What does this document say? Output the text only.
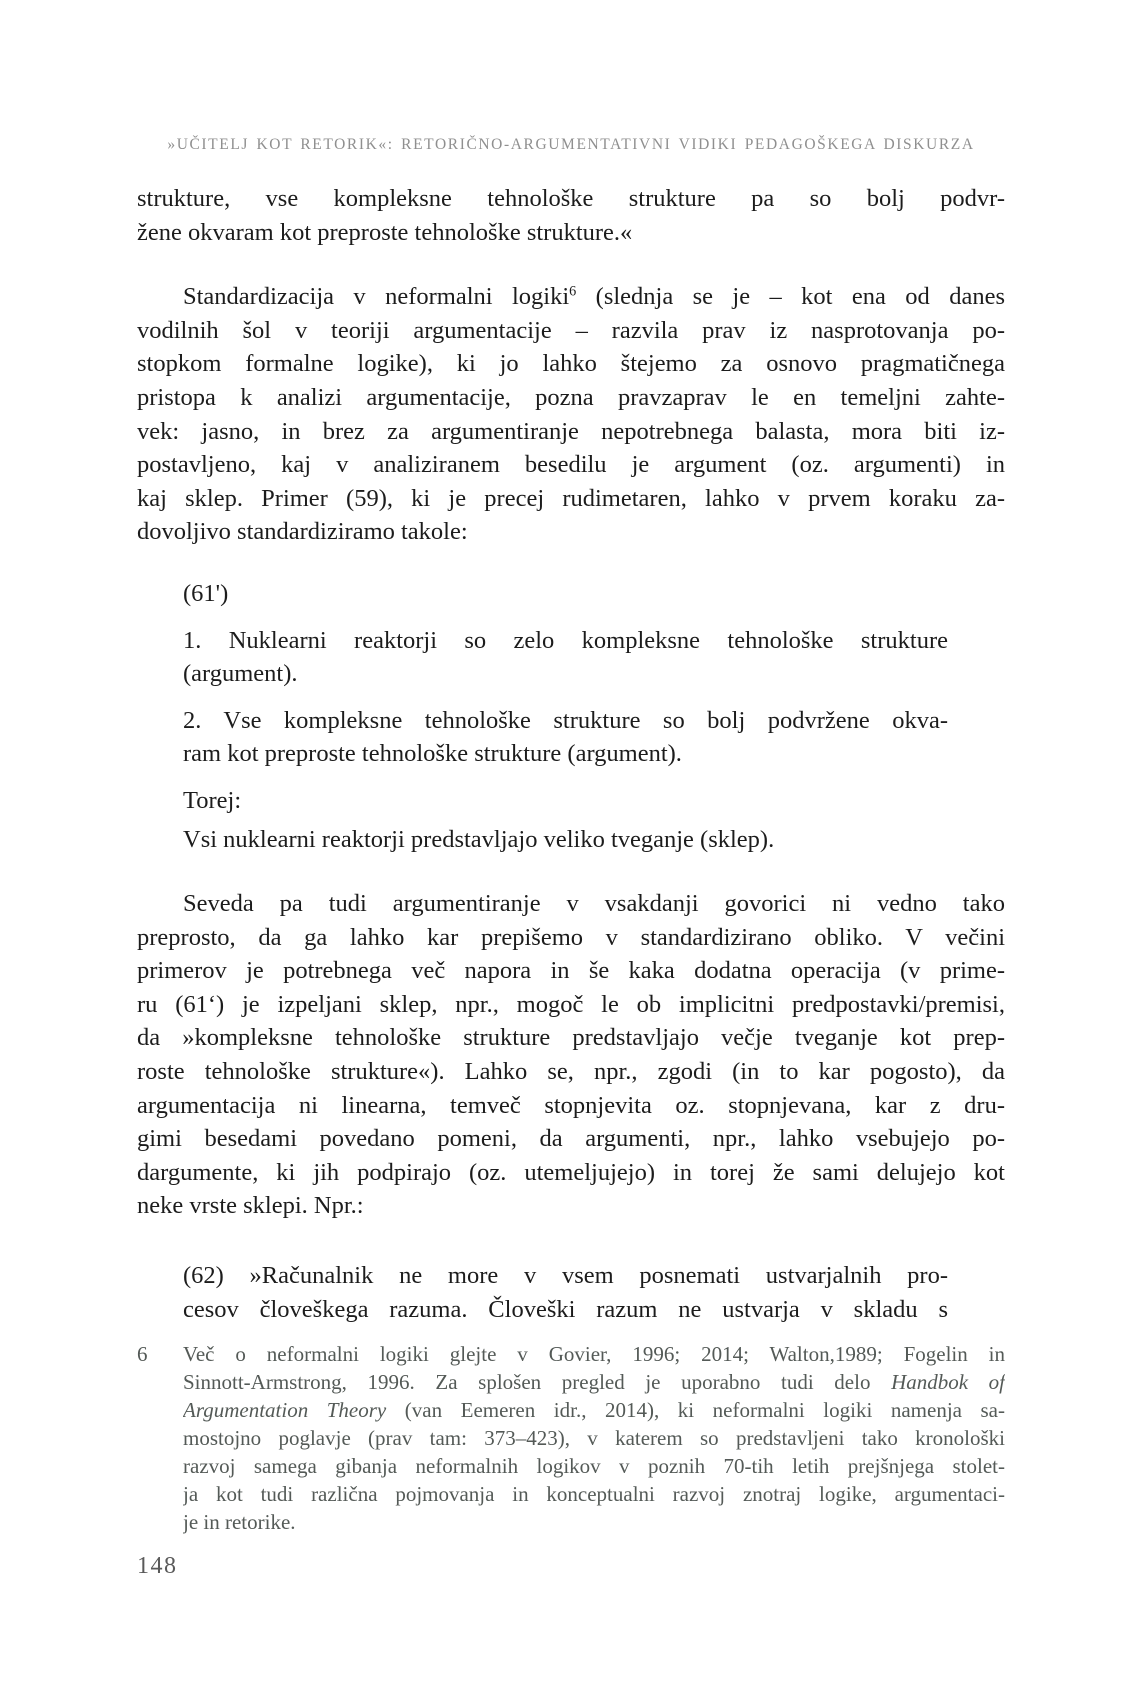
»UČITELJ KOT RETORIK«: RETORIČNO-ARGUMENTATIVNI VIDIKI PEDAGOŠKEGA DISKURZA
strukture, vse kompleksne tehnološke strukture pa so bolj podvr-
žene okvaram kot preproste tehnološke strukture.«
Standardizacija v neformalni logiki$^6$ (slednja se je – kot ena od danes
vodilnih šol v teoriji argumentacije – razvila prav iz nasprotovanja po-
stopkom formalne logike), ki jo lahko štejemo za osnovo pragmatičnega
pristopa k analizi argumentacije, pozna pravzaprav le en temeljni zahte-
vek: jasno, in brez za argumentiranje nepotrebnega balasta, mora biti iz-
postavljeno, kaj v analiziranem besedilu je argument (oz. argumenti) in
kaj sklep. Primer (59), ki je precej rudimetaren, lahko v prvem koraku za-
dovoljivo standardiziramo takole:
(61')
1. Nuklearni reaktorji so zelo kompleksne tehnološke strukture
(argument).
2. Vse kompleksne tehnološke strukture so bolj podvržene okva-
ram kot preproste tehnološke strukture (argument).
Torej:
Vsi nuklearni reaktorji predstavljajo veliko tveganje (sklep).
Seveda pa tudi argumentiranje v vsakdanji govorici ni vedno tako
preprosto, da ga lahko kar prepišemo v standardizirano obliko. V večini
primerov je potrebnega več napora in še kaka dodatna operacija (v prime-
ru (61‘) je izpeljani sklep, npr., mogoč le ob implicitni predpostavki/premisi,
da »kompleksne tehnološke strukture predstavljajo večje tveganje kot prep-
roste tehnološke strukture«). Lahko se, npr., zgodi (in to kar pogosto), da
argumentacija ni linearna, temveč stopnjevita oz. stopnjevana, kar z dru-
gimi besedami povedano pomeni, da argumenti, npr., lahko vsebujejo po-
dargumente, ki jih podpirajo (oz. utemeljujejo) in torej že sami delujejo kot
neke vrste sklepi. Npr.:
(62) »Računalnik ne more v vsem posnemati ustvarjalnih pro-
cesov človeškega razuma. Človeški razum ne ustvarja v skladu s
6	Več o neformalni logiki glejte v Govier, 1996; 2014; Walton,1989; Fogelin in
Sinnott-Armstrong, 1996. Za splošen pregled je uporabno tudi delo Handbok of
Argumentation Theory (van Eemeren idr., 2014), ki neformalni logiki namenja sa-
mostojno poglavje (prav tam: 373–423), v katerem so predstavljeni tako kronološki
razvoj samega gibanja neformalnih logikov v poznih 70-tih letih prejšnjega stolet-
ja kot tudi različna pojmovanja in konceptualni razvoj znotraj logike, argumentaci-
je in retorike.
148
